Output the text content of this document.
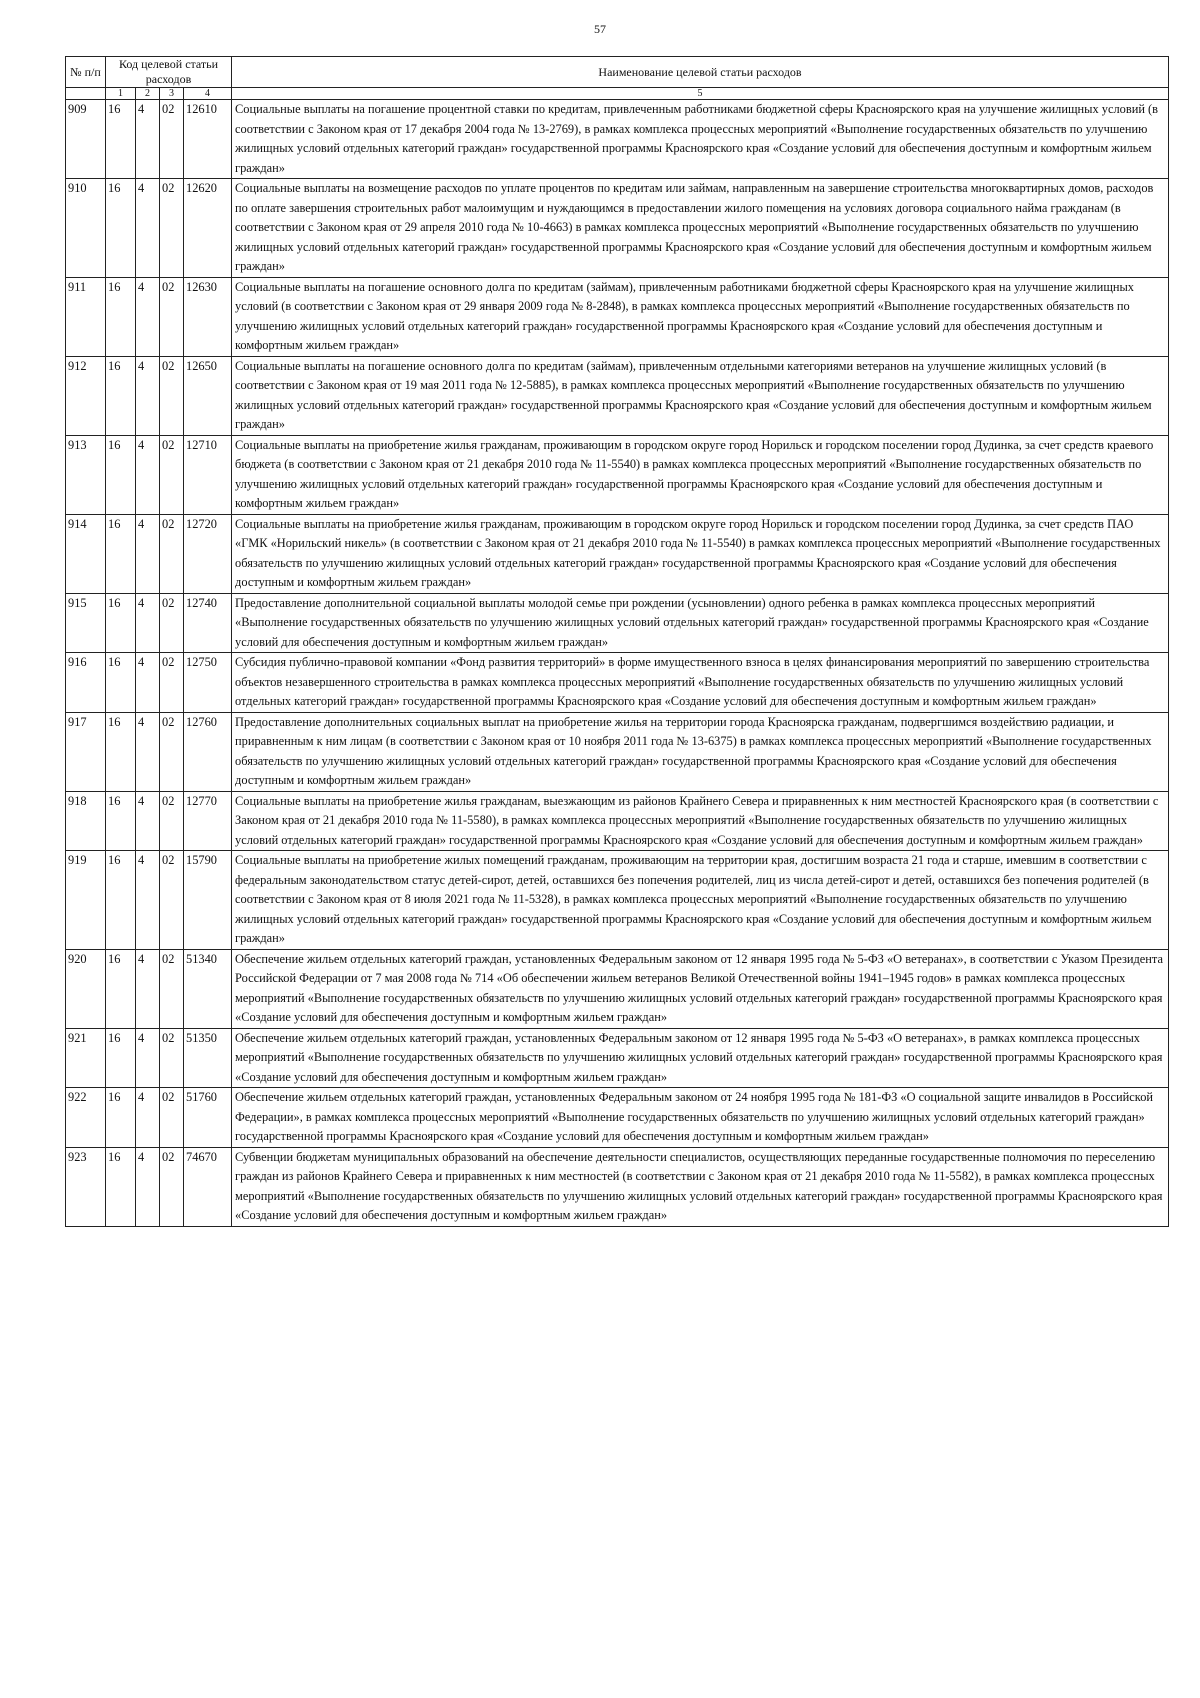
57
№ п/п	Код целевой статьи расходов				Наименование целевой статьи расходов

	1	2	3	4	5
909	16	4	02	12610	Социальные выплаты на погашение процентной ставки по кредитам, привлеченным работниками бюджетной сферы Красноярского края на улучшение жилищных условий (в соответствии с Законом края от 17 декабря 2004 года № 13-2769), в рамках комплекса процессных мероприятий «Выполнение государственных обязательств по улучшению жилищных условий отдельных категорий граждан» государственной программы Красноярского края «Создание условий для обеспечения доступным и комфортным жильем граждан»
910	16	4	02	12620	Социальные выплаты на возмещение расходов по уплате процентов по кредитам или займам, направленным на завершение строительства многоквартирных домов, расходов по оплате завершения строительных работ малоимущим и нуждающимся в предоставлении жилого помещения на условиях договора социального найма гражданам (в соответствии с Законом края от 29 апреля 2010 года № 10-4663) в рамках комплекса процессных мероприятий «Выполнение государственных обязательств по улучшению жилищных условий отдельных категорий граждан» государственной программы Красноярского края «Создание условий для обеспечения доступным и комфортным жильем граждан»
911	16	4	02	12630	Социальные выплаты на погашение основного долга по кредитам (займам), привлеченным работниками бюджетной сферы Красноярского края на улучшение жилищных условий (в соответствии с Законом края от 29 января 2009 года № 8-2848), в рамках комплекса процессных мероприятий «Выполнение государственных обязательств по улучшению жилищных условий отдельных категорий граждан» государственной программы Красноярского края «Создание условий для обеспечения доступным и комфортным жильем граждан»
912	16	4	02	12650	Социальные выплаты на погашение основного долга по кредитам (займам), привлеченным отдельными категориями ветеранов на улучшение жилищных условий (в соответствии с Законом края от 19 мая 2011 года № 12-5885), в рамках комплекса процессных мероприятий «Выполнение государственных обязательств по улучшению жилищных условий отдельных категорий граждан» государственной программы Красноярского края «Создание условий для обеспечения доступным и комфортным жильем граждан»
913	16	4	02	12710	Социальные выплаты на приобретение жилья гражданам, проживающим в городском округе город Норильск и городском поселении город Дудинка, за счет средств краевого бюджета (в соответствии с Законом края от 21 декабря 2010 года № 11-5540) в рамках комплекса процессных мероприятий «Выполнение государственных обязательств по улучшению жилищных условий отдельных категорий граждан» государственной программы Красноярского края «Создание условий для обеспечения доступным и комфортным жильем граждан»
914	16	4	02	12720	Социальные выплаты на приобретение жилья гражданам, проживающим в городском округе город Норильск и городском поселении город Дудинка, за счет средств ПАО «ГМК «Норильский никель» (в соответствии с Законом края от 21 декабря 2010 года № 11-5540) в рамках комплекса процессных мероприятий «Выполнение государственных обязательств по улучшению жилищных условий отдельных категорий граждан» государственной программы Красноярского края «Создание условий для обеспечения доступным и комфортным жильем граждан»
915	16	4	02	12740	Предоставление дополнительной социальной выплаты молодой семье при рождении (усыновлении) одного ребенка в рамках комплекса процессных мероприятий «Выполнение государственных обязательств по улучшению жилищных условий отдельных категорий граждан» государственной программы Красноярского края «Создание условий для обеспечения доступным и комфортным жильем граждан»
916	16	4	02	12750	Субсидия публично-правовой компании «Фонд развития территорий» в форме имущественного взноса в целях финансирования мероприятий по завершению строительства объектов незавершенного строительства в рамках комплекса процессных мероприятий «Выполнение государственных обязательств по улучшению жилищных условий отдельных категорий граждан» государственной программы Красноярского края «Создание условий для обеспечения доступным и комфортным жильем граждан»
917	16	4	02	12760	Предоставление дополнительных социальных выплат на приобретение жилья на территории города Красноярска гражданам, подвергшимся воздействию радиации, и приравненным к ним лицам (в соответствии с Законом края от 10 ноября 2011 года № 13-6375) в рамках комплекса процессных мероприятий «Выполнение государственных обязательств по улучшению жилищных условий отдельных категорий граждан» государственной программы Красноярского края «Создание условий для обеспечения доступным и комфортным жильем граждан»
918	16	4	02	12770	Социальные выплаты на приобретение жилья гражданам, выезжающим из районов Крайнего Севера и приравненных к ним местностей Красноярского края (в соответствии с Законом края от 21 декабря 2010 года № 11-5580), в рамках комплекса процессных мероприятий «Выполнение государственных обязательств по улучшению жилищных условий отдельных категорий граждан» государственной программы Красноярского края «Создание условий для обеспечения доступным и комфортным жильем граждан»
919	16	4	02	15790	Социальные выплаты на приобретение жилых помещений гражданам, проживающим на территории края, достигшим возраста 21 года и старше, имевшим в соответствии с федеральным законодательством статус детей-сирот, детей, оставшихся без попечения родителей, лиц из числа детей-сирот и детей, оставшихся без попечения родителей (в соответствии с Законом края от 8 июля 2021 года № 11-5328), в рамках комплекса процессных мероприятий «Выполнение государственных обязательств по улучшению жилищных условий отдельных категорий граждан» государственной программы Красноярского края «Создание условий для обеспечения доступным и комфортным жильем граждан»
920	16	4	02	51340	Обеспечение жильем отдельных категорий граждан, установленных Федеральным законом от 12 января 1995 года № 5-ФЗ «О ветеранах», в соответствии с Указом Президента Российской Федерации от 7 мая 2008 года № 714 «Об обеспечении жильем ветеранов Великой Отечественной войны 1941–1945 годов» в рамках комплекса процессных мероприятий «Выполнение государственных обязательств по улучшению жилищных условий отдельных категорий граждан» государственной программы Красноярского края «Создание условий для обеспечения доступным и комфортным жильем граждан»
921	16	4	02	51350	Обеспечение жильем отдельных категорий граждан, установленных Федеральным законом от 12 января 1995 года № 5-ФЗ «О ветеранах», в рамках комплекса процессных мероприятий «Выполнение государственных обязательств по улучшению жилищных условий отдельных категорий граждан» государственной программы Красноярского края «Создание условий для обеспечения доступным и комфортным жильем граждан»
922	16	4	02	51760	Обеспечение жильем отдельных категорий граждан, установленных Федеральным законом от 24 ноября 1995 года № 181-ФЗ «О социальной защите инвалидов в Российской Федерации», в рамках комплекса процессных мероприятий «Выполнение государственных обязательств по улучшению жилищных условий отдельных категорий граждан» государственной программы Красноярского края «Создание условий для обеспечения доступным и комфортным жильем граждан»
923	16	4	02	74670	Субвенции бюджетам муниципальных образований на обеспечение деятельности специалистов, осуществляющих переданные государственные полномочия по переселению граждан из районов Крайнего Севера и приравненных к ним местностей (в соответствии с Законом края от 21 декабря 2010 года № 11-5582), в рамках комплекса процессных мероприятий «Выполнение государственных обязательств по улучшению жилищных условий отдельных категорий граждан» государственной программы Красноярского края «Создание условий для обеспечения доступным и комфортным жильем граждан»
